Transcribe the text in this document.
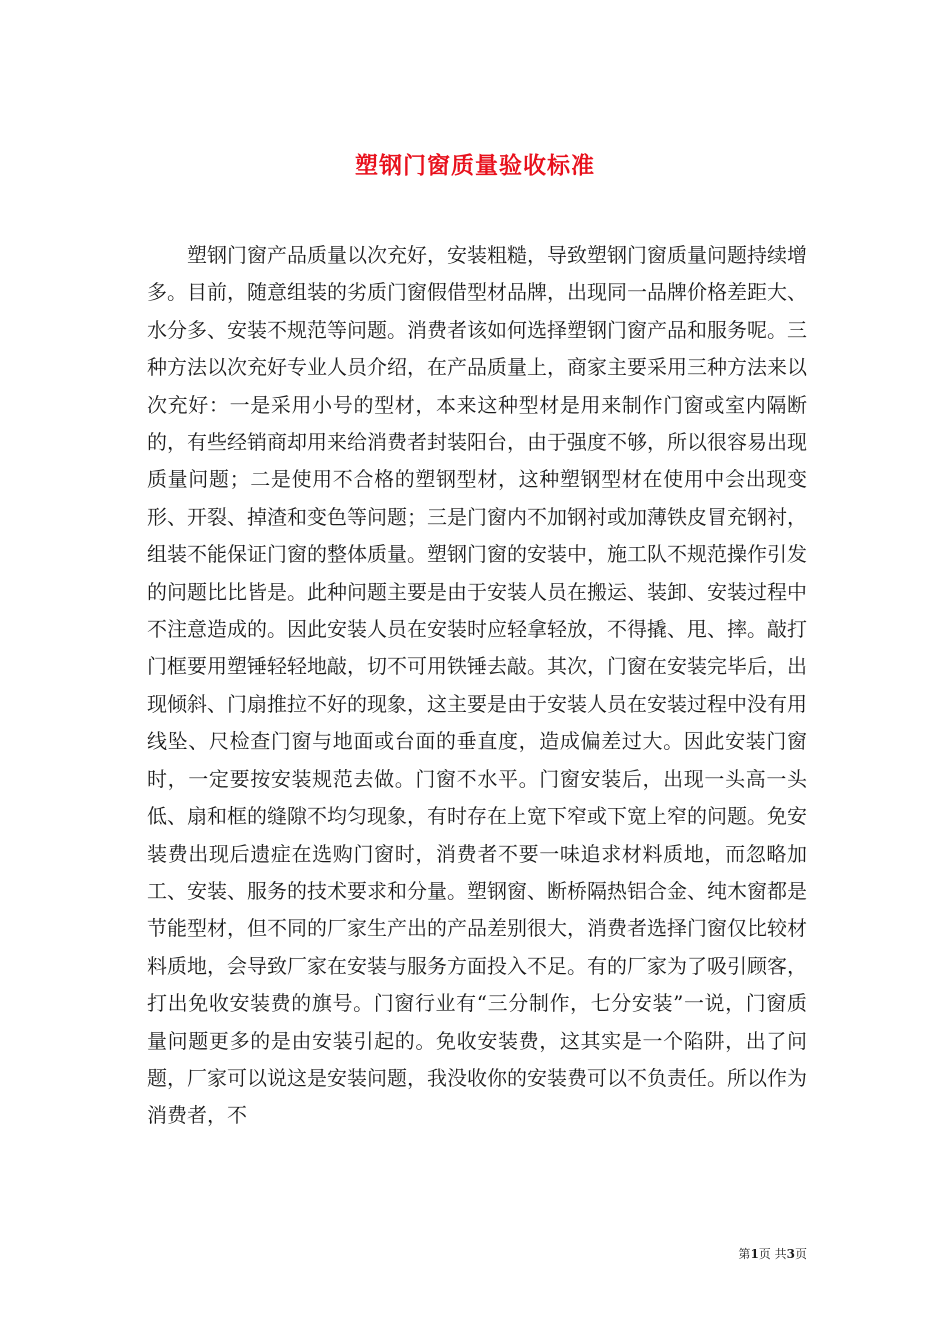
塑钢门窗质量验收标准

塑钢门窗产品质量以次充好，安装粗糙，导致塑钢门窗质量问题持续增多。目前，随意组装的劣质门窗假借型材品牌，出现同一品牌价格差距大、水分多、安装不规范等问题。消费者该如何选择塑钢门窗产品和服务呢。三种方法以次充好专业人员介绍，在产品质量上，商家主要采用三种方法来以次充好：一是采用小号的型材，本来这种型材是用来制作门窗或室内隔断的，有些经销商却用来给消费者封装阳台，由于强度不够，所以很容易出现质量问题；二是使用不合格的塑钢型材，这种塑钢型材在使用中会出现变形、开裂、掉渣和变色等问题；三是门窗内不加钢衬或加薄铁皮冒充钢衬，组装不能保证门窗的整体质量。塑钢门窗的安装中，施工队不规范操作引发的问题比比皆是。此种问题主要是由于安装人员在搬运、装卸、安装过程中不注意造成的。因此安装人员在安装时应轻拿轻放，不得撬、甩、摔。敲打门框要用塑锤轻轻地敲，切不可用铁锤去敲。其次，门窗在安装完毕后，出现倾斜、门扇推拉不好的现象，这主要是由于安装人员在安装过程中没有用线坠、尺检查门窗与地面或台面的垂直度，造成偏差过大。因此安装门窗时，一定要按安装规范去做。门窗不水平。门窗安装后，出现一头高一头低、扇和框的缝隙不均匀现象，有时存在上宽下窄或下宽上窄的问题。免安装费出现后遗症在选购门窗时，消费者不要一味追求材料质地，而忽略加工、安装、服务的技术要求和分量。塑钢窗、断桥隔热铝合金、纯木窗都是节能型材，但不同的厂家生产出的产品差别很大，消费者选择门窗仅比较材料质地，会导致厂家在安装与服务方面投入不足。有的厂家为了吸引顾客，打出免收安装费的旗号。门窗行业有“三分制作，七分安装”一说，门窗质量问题更多的是由安装引起的。免收安装费，这其实是一个陷阱，出了问题，厂家可以说这是安装问题，我没收你的安装费可以不负责任。所以作为消费者，不

第1页 共3页
